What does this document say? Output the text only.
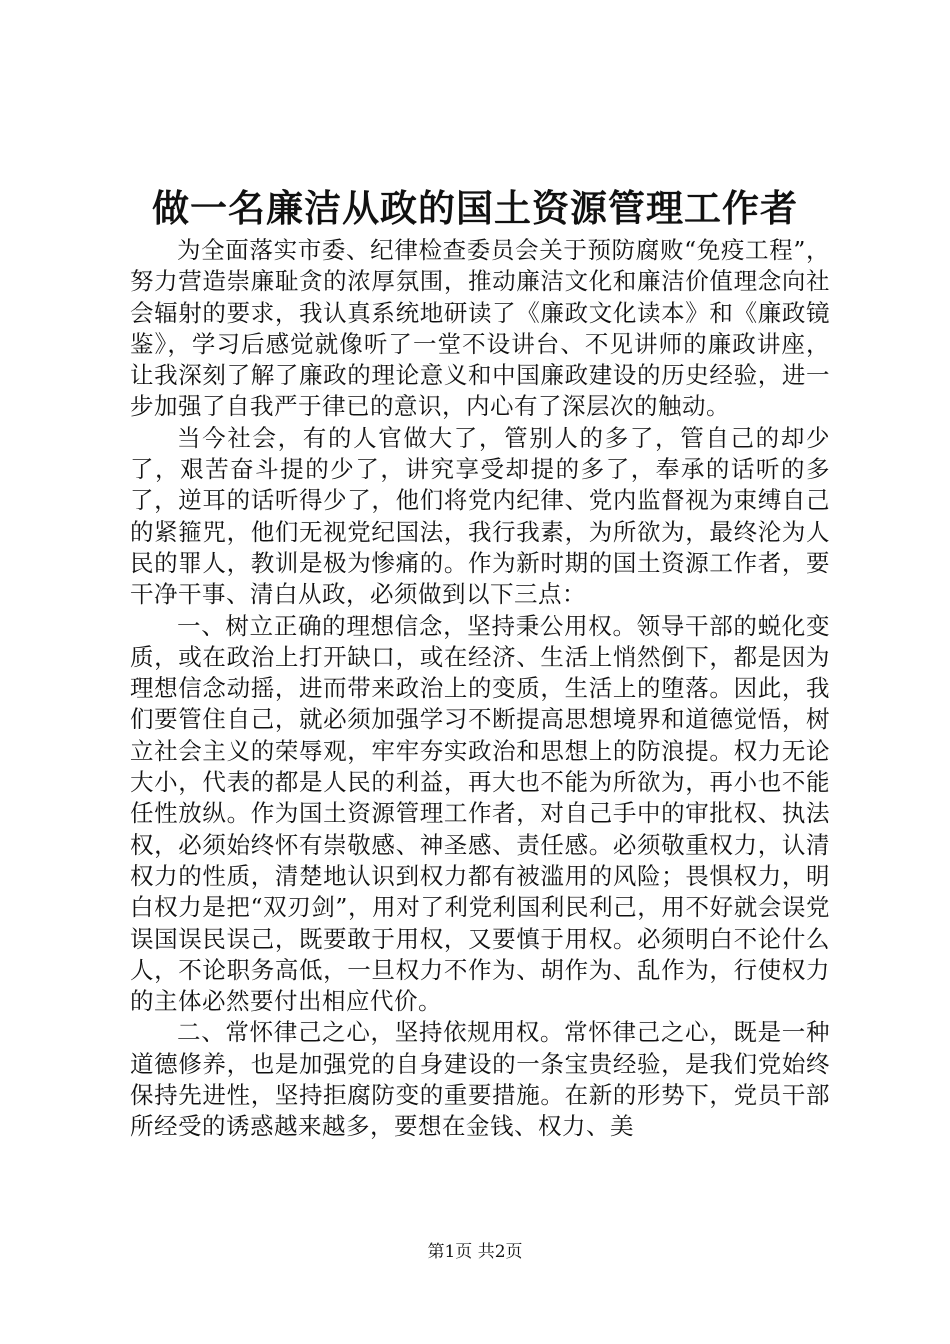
做一名廉洁从政的国土资源管理工作者

为全面落实市委、纪律检查委员会关于预防腐败“免疫工程”，努力营造崇廉耻贪的浓厚氛围，推动廉洁文化和廉洁价值理念向社会辐射的要求，我认真系统地研读了《廉政文化读本》和《廉政镜鉴》，学习后感觉就像听了一堂不设讲台、不见讲师的廉政讲座，让我深刻了解了廉政的理论意义和中国廉政建设的历史经验，进一步加强了自我严于律已的意识，内心有了深层次的触动。

当今社会，有的人官做大了，管别人的多了，管自己的却少了，艰苦奋斗提的少了，讲究享受却提的多了，奉承的话听的多了，逆耳的话听得少了，他们将党内纪律、党内监督视为束缚自己的紧箍咒，他们无视党纪国法，我行我素，为所欲为，最终沦为人民的罪人，教训是极为惨痛的。作为新时期的国土资源工作者，要干净干事、清白从政，必须做到以下三点：

一、树立正确的理想信念，坚持秉公用权。领导干部的蜕化变质，或在政治上打开缺口，或在经济、生活上悄然倒下，都是因为理想信念动摇，进而带来政治上的变质，生活上的堕落。因此，我们要管住自己，就必须加强学习不断提高思想境界和道德觉悟，树立社会主义的荣辱观，牢牢夯实政治和思想上的防浪提。权力无论大小，代表的都是人民的利益，再大也不能为所欲为，再小也不能任性放纵。作为国土资源管理工作者，对自己手中的审批权、执法权，必须始终怀有崇敬感、神圣感、责任感。必须敬重权力，认清权力的性质，清楚地认识到权力都有被滥用的风险；畏惧权力，明白权力是把“双刃剑”，用对了利党利国利民利己，用不好就会误党误国误民误己，既要敢于用权，又要慎于用权。必须明白不论什么人，不论职务高低，一旦权力不作为、胡作为、乱作为，行使权力的主体必然要付出相应代价。

二、常怀律己之心，坚持依规用权。常怀律己之心，既是一种道德修养，也是加强党的自身建设的一条宝贵经验，是我们党始终保持先进性，坚持拒腐防变的重要措施。在新的形势下，党员干部所经受的诱惑越来越多，要想在金钱、权力、美

第1页 共2页
